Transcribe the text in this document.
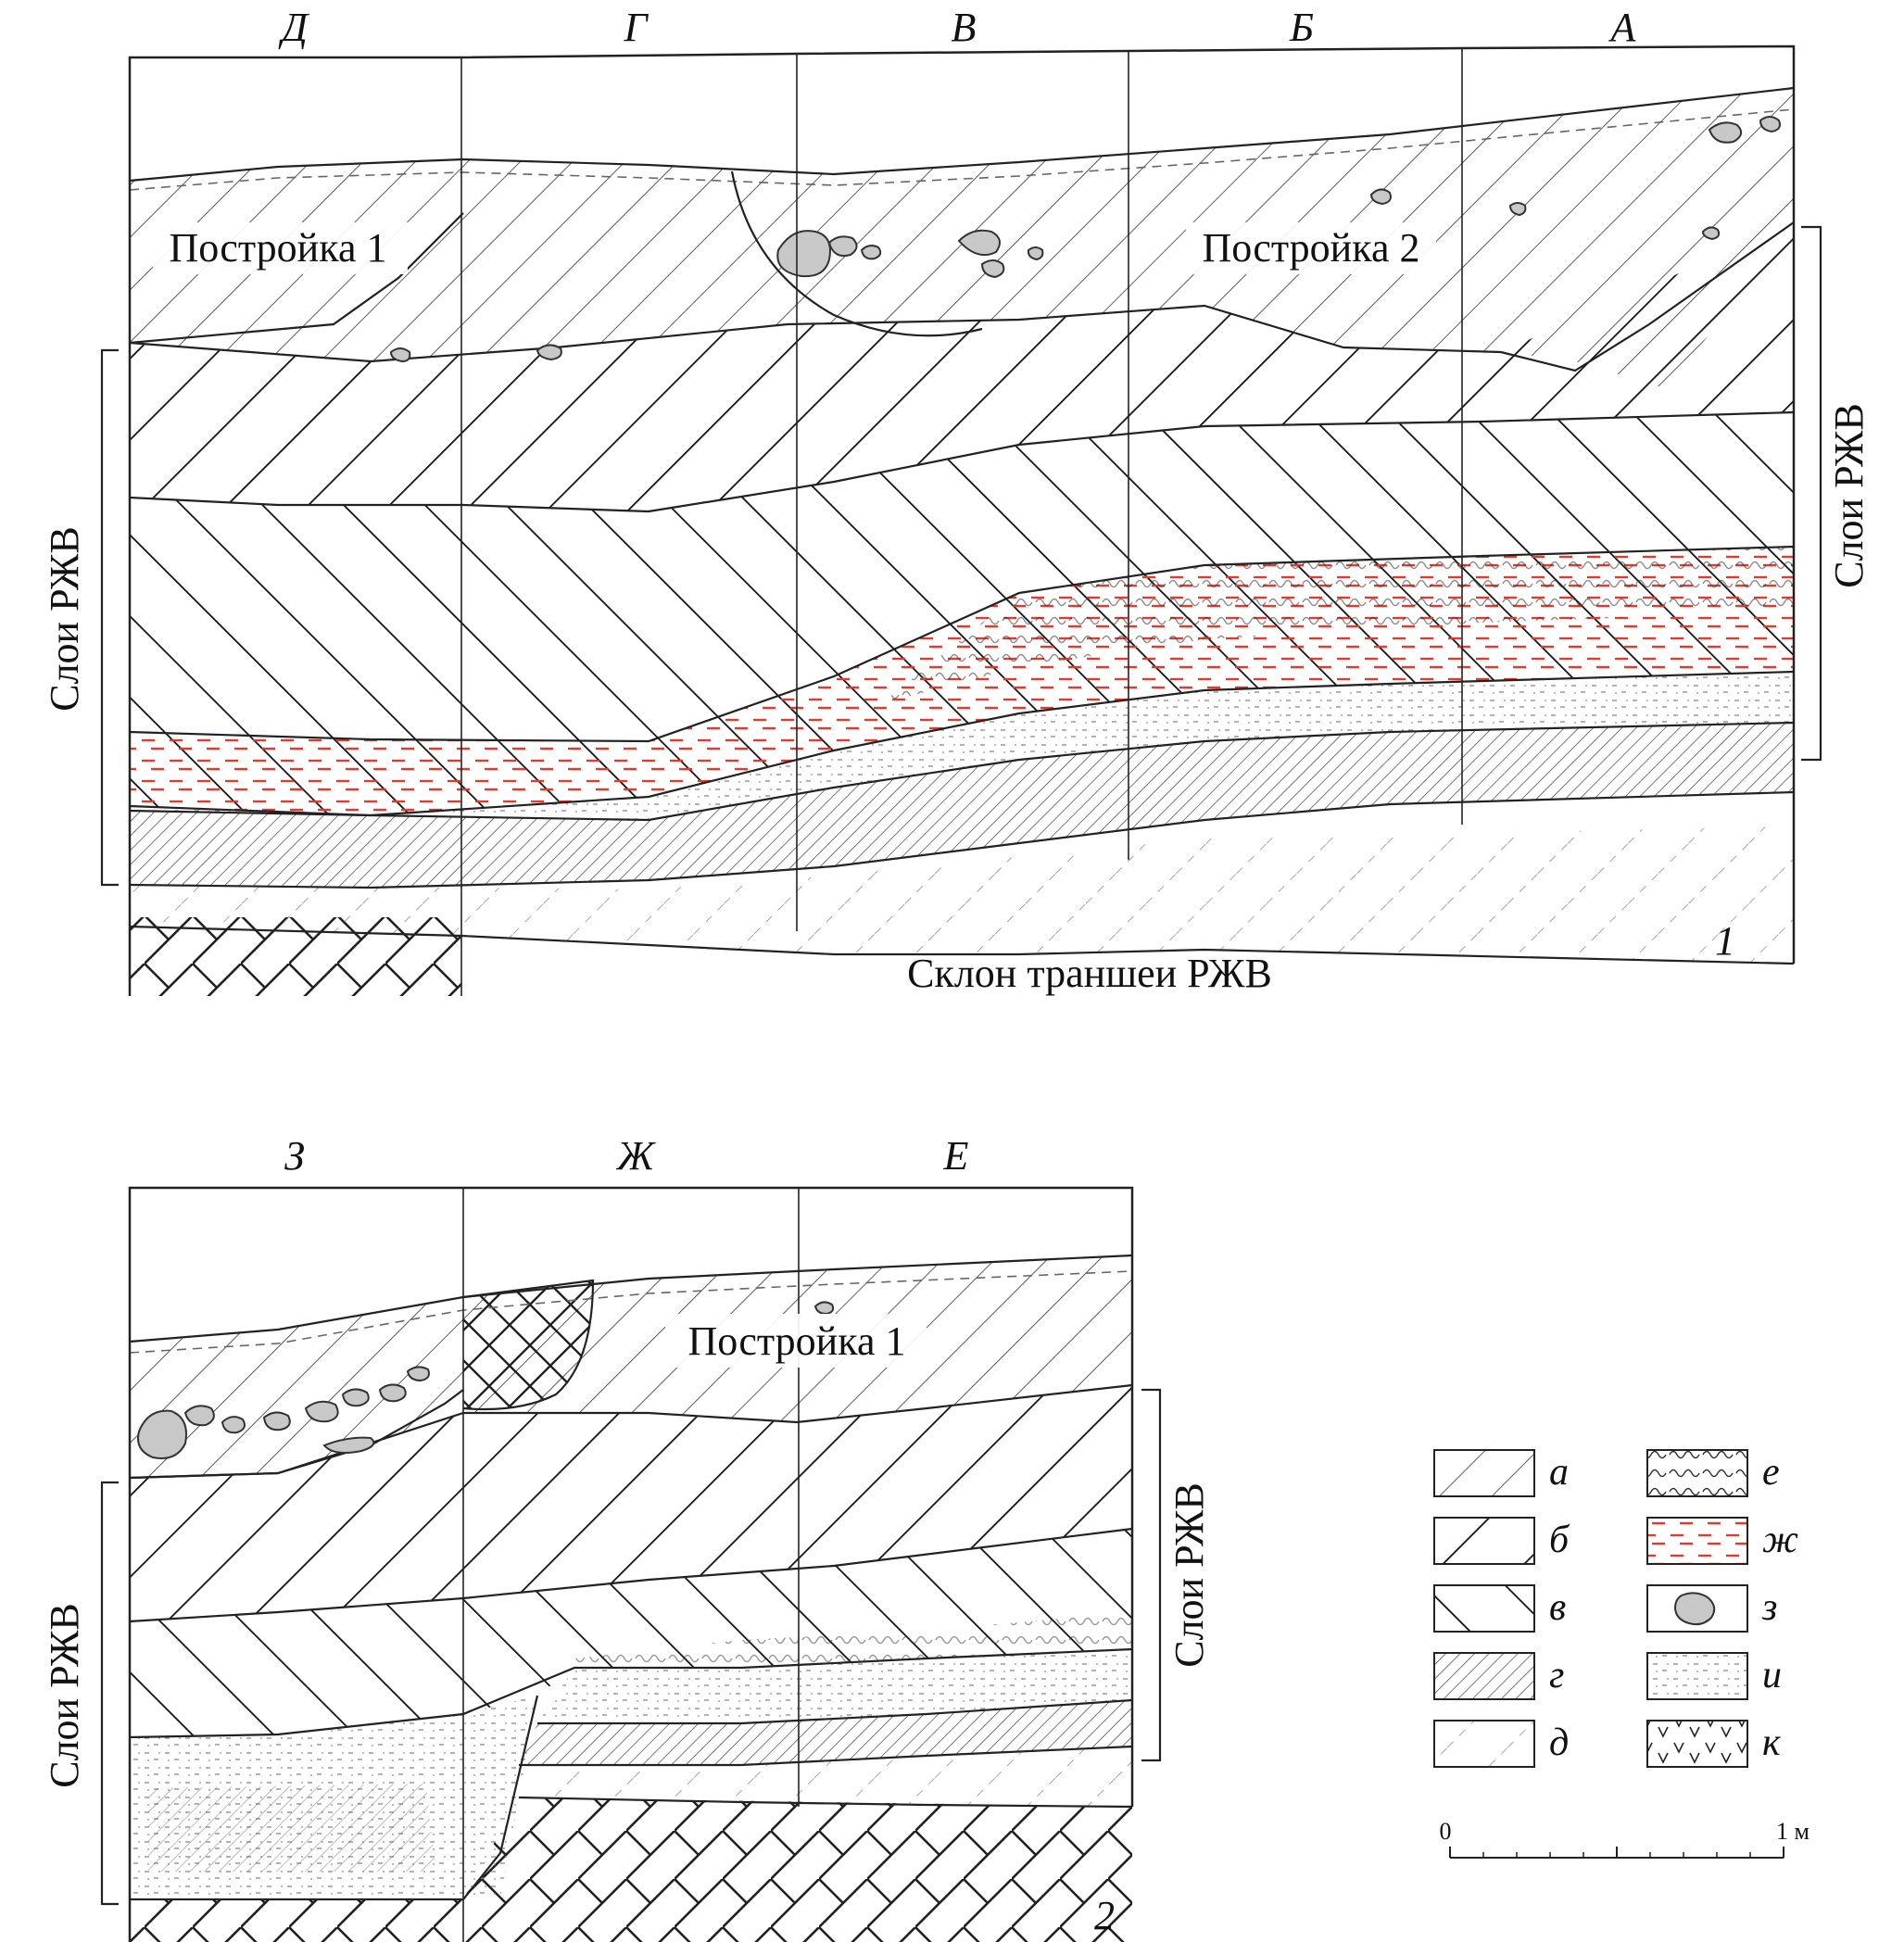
Д	Г	В	Б	А
Постройка 1	Постройка 2
Слои РЖВ
Слои РЖВ
Склон траншеи РЖВ
1
З	Ж	Е
Постройка 1
Слои РЖВ
Слои РЖВ
2
а
б
в
г
д
е
ж
з
и
к
0	1 м
